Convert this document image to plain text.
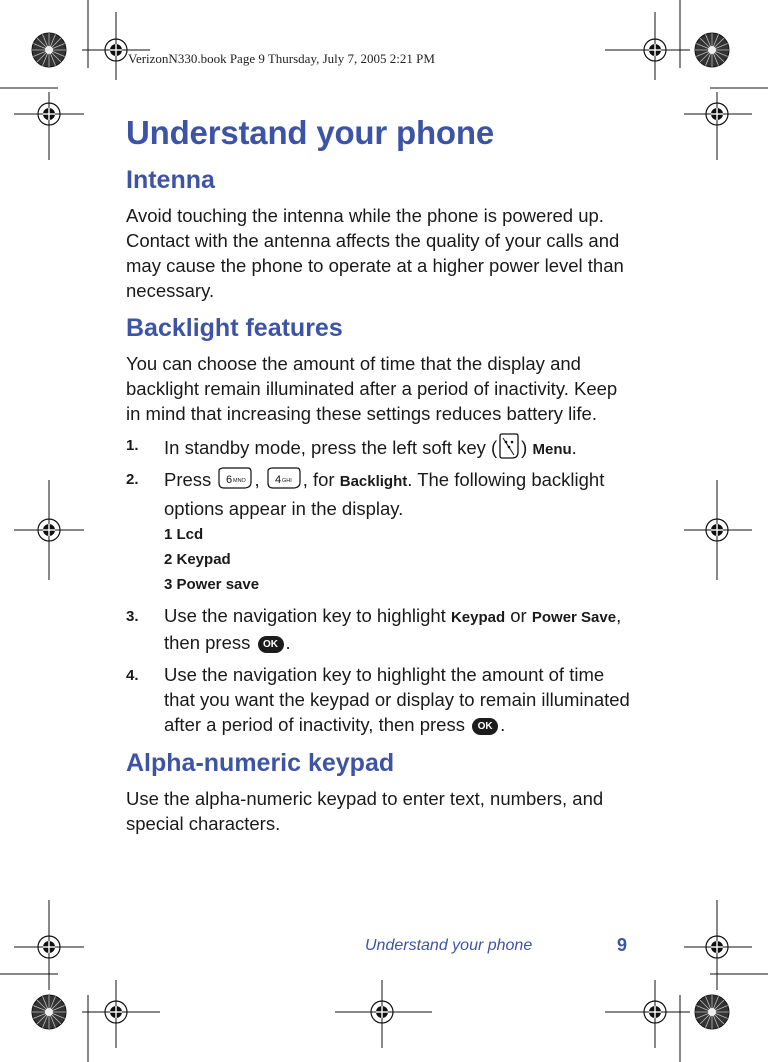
VerizonN330.book Page 9 Thursday, July 7, 2005 2:21 PM
Understand your phone
Intenna
Avoid touching the intenna while the phone is powered up. Contact with the antenna affects the quality of your calls and may cause the phone to operate at a higher power level than necessary.
Backlight features
You can choose the amount of time that the display and backlight remain illuminated after a period of inactivity. Keep in mind that increasing these settings reduces battery life.
1. In standby mode, press the left soft key ( ) Menu.
2. Press 6 MNO , 4 GHI , for Backlight. The following backlight options appear in the display.
1 Lcd
2 Keypad
3 Power save
3. Use the navigation key to highlight Keypad or Power Save, then press OK .
4. Use the navigation key to highlight the amount of time that you want the keypad or display to remain illuminated after a period of inactivity, then press OK .
Alpha-numeric keypad
Use the alpha-numeric keypad to enter text, numbers, and special characters.
Understand your phone	9
